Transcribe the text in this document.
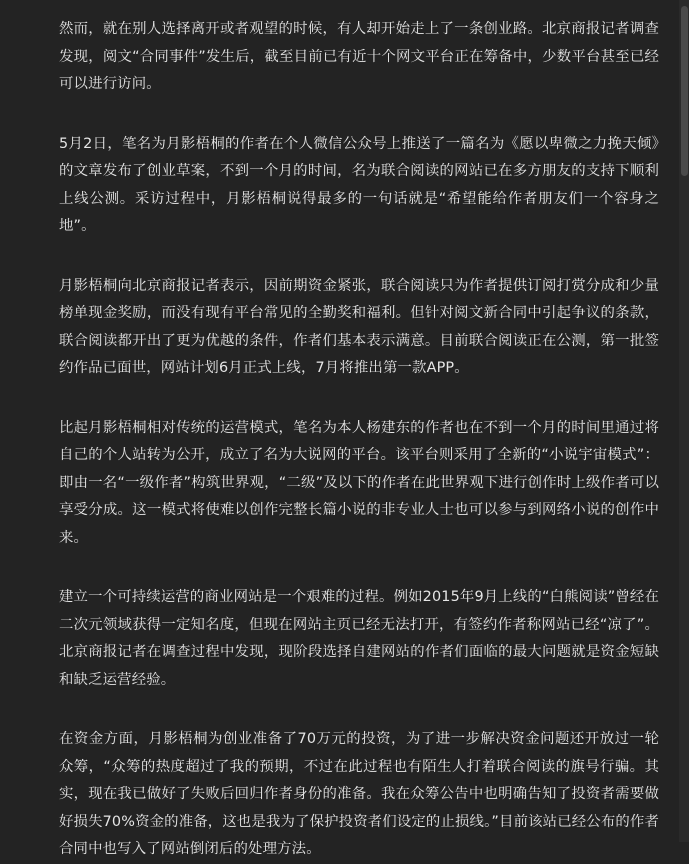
然而，就在别人选择离开或者观望的时候，有人却开始走上了一条创业路。北京商报记者调查发现，阅文“合同事件”发生后，截至目前已有近十个网文平台正在筹备中，少数平台甚至已经可以进行访问。

5月2日，笔名为月影梧桐的作者在个人微信公众号上推送了一篇名为《愿以卑微之力挽天倾》的文章发布了创业草案，不到一个月的时间，名为联合阅读的网站已在多方朋友的支持下顺利上线公测。采访过程中，月影梧桐说得最多的一句话就是“希望能给作者朋友们一个容身之地”。

月影梧桐向北京商报记者表示，因前期资金紧张，联合阅读只为作者提供订阅打赏分成和少量榜单现金奖励，而没有现有平台常见的全勤奖和福利。但针对阅文新合同中引起争议的条款，联合阅读都开出了更为优越的条件，作者们基本表示满意。目前联合阅读正在公测，第一批签约作品已面世，网站计划6月正式上线，7月将推出第一款APP。

比起月影梧桐相对传统的运营模式，笔名为本人杨建东的作者也在不到一个月的时间里通过将自己的个人站转为公开，成立了名为大说网的平台。该平台则采用了全新的“小说宇宙模式”：即由一名“一级作者”构筑世界观，“二级”及以下的作者在此世界观下进行创作时上级作者可以享受分成。这一模式将使难以创作完整长篇小说的非专业人士也可以参与到网络小说的创作中来。

建立一个可持续运营的商业网站是一个艰难的过程。例如2015年9月上线的“白熊阅读”曾经在二次元领域获得一定知名度，但现在网站主页已经无法打开，有签约作者称网站已经“凉了”。北京商报记者在调查过程中发现，现阶段选择自建网站的作者们面临的最大问题就是资金短缺和缺乏运营经验。

在资金方面，月影梧桐为创业准备了70万元的投资，为了进一步解决资金问题还开放过一轮众筹，“众筹的热度超过了我的预期，不过在此过程也有陌生人打着联合阅读的旗号行骗。其实，现在我已做好了失败后回归作者身份的准备。我在众筹公告中也明确告知了投资者需要做好损失70%资金的准备，这也是我为了保护投资者们设定的止损线。”目前该站已经公布的作者合同中也写入了网站倒闭后的处理方法。
